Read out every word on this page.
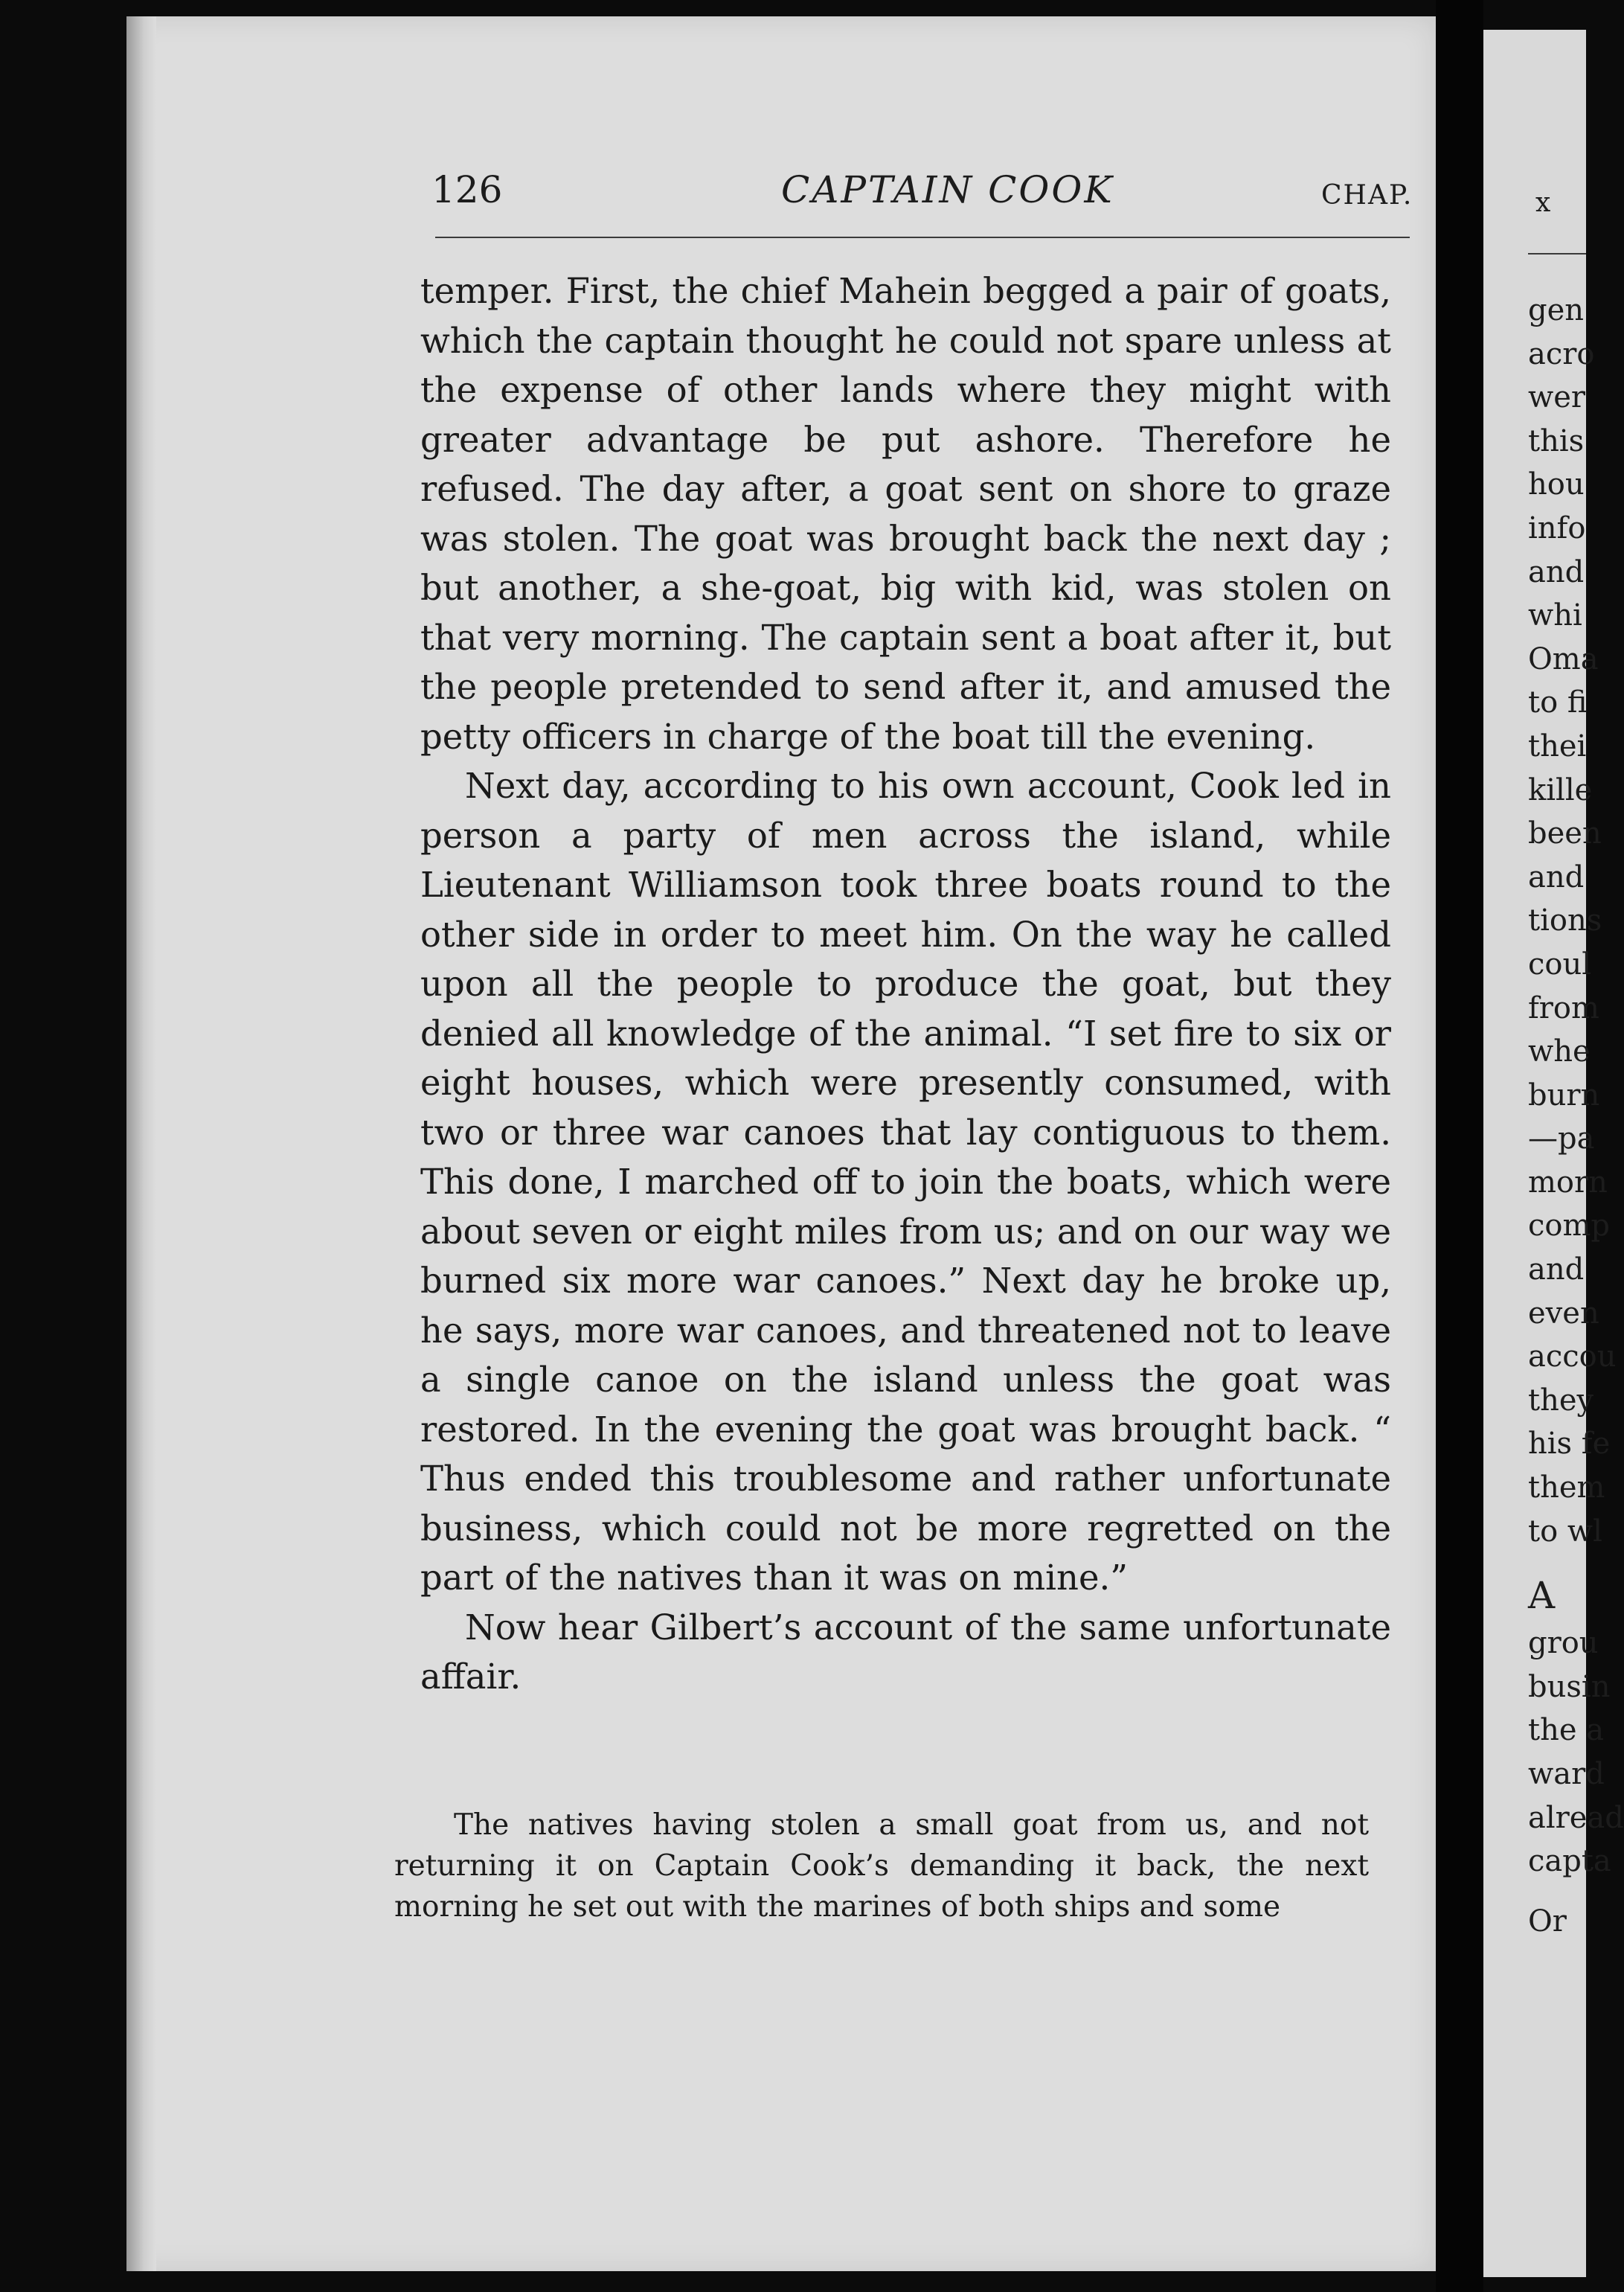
126	CAPTAIN COOK	CHAP.

temper. First, the chief Mahein begged a pair of goats, which the captain thought he could not spare unless at the expense of other lands where they might with greater advantage be put ashore. Therefore he refused. The day after, a goat sent on shore to graze was stolen. The goat was brought back the next day ; but another, a she-goat, big with kid, was stolen on that very morning. The captain sent a boat after it, but the people pretended to send after it, and amused the petty officers in charge of the boat till the evening.

Next day, according to his own account, Cook led in person a party of men across the island, while Lieutenant Williamson took three boats round to the other side in order to meet him. On the way he called upon all the people to produce the goat, but they denied all knowledge of the animal. “I set fire to six or eight houses, which were presently consumed, with two or three war canoes that lay contiguous to them. This done, I marched off to join the boats, which were about seven or eight miles from us; and on our way we burned six more war canoes.” Next day he broke up, he says, more war canoes, and threatened not to leave a single canoe on the island unless the goat was restored. In the evening the goat was brought back. “ Thus ended this troublesome and rather unfortunate business, which could not be more regretted on the part of the natives than it was on mine.”

Now hear Gilbert’s account of the same unfortunate affair.

The natives having stolen a small goat from us, and not returning it on Captain Cook’s demanding it back, the next morning he set out with the marines of both ships and some

x
gen
acro
wer
this
hou
info
and
whi
Oma
to fi
thei
kille
been
and
tions
coul
from
whe
burn
—pa
morn
comp
and
even
accou
they
his fe
them
to wl
A
grou
busin
the a
ward
alread
capta
Or
